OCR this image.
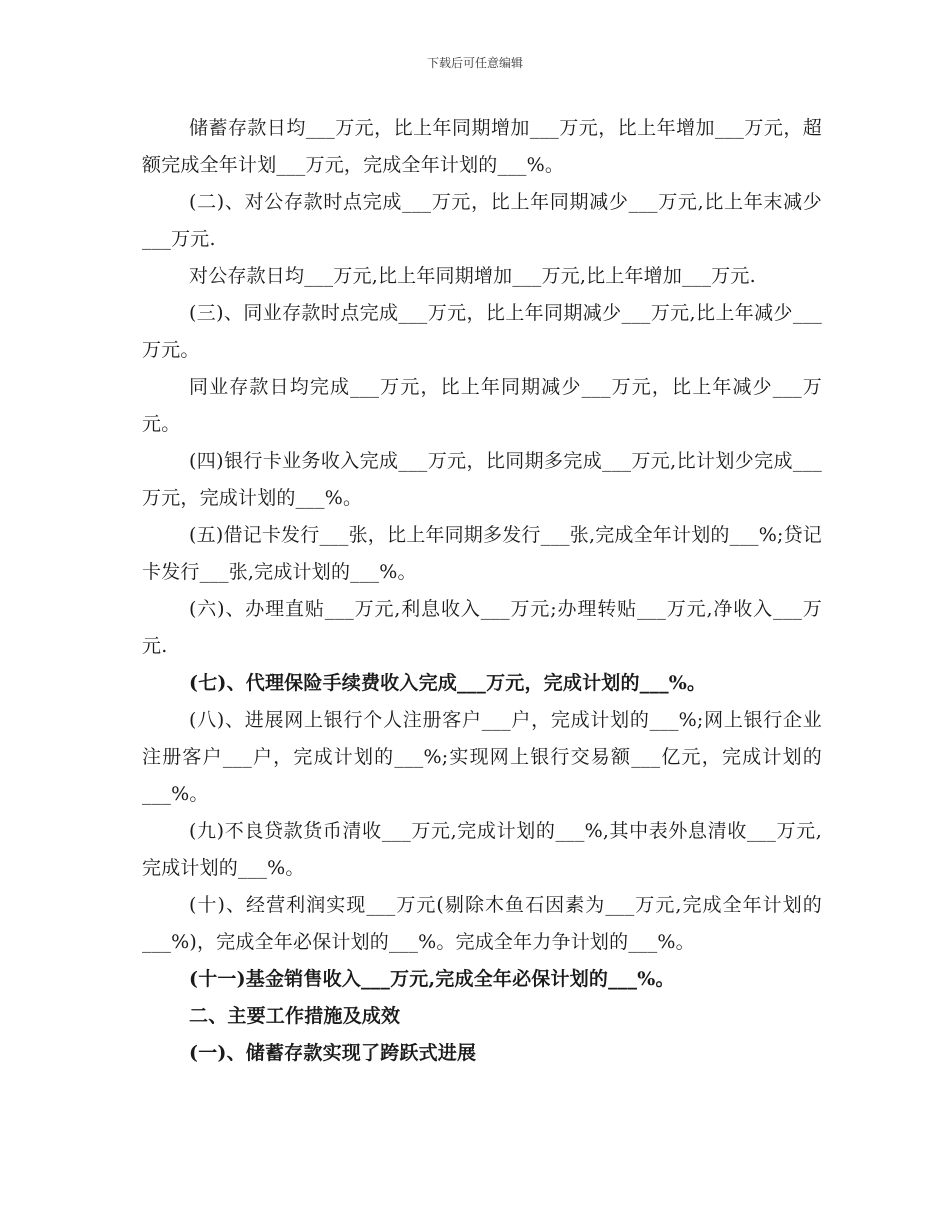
下载后可任意编辑

储蓄存款日均___万元，比上年同期增加___万元，比上年增加___万元，超额完成全年计划___万元，完成全年计划的___%。

(二)、对公存款时点完成___万元，比上年同期减少___万元,比上年末减少___万元.

对公存款日均___万元,比上年同期增加___万元,比上年增加___万元.

(三)、同业存款时点完成___万元，比上年同期减少___万元,比上年减少___万元。

同业存款日均完成___万元，比上年同期减少___万元，比上年减少___万元。

(四)银行卡业务收入完成___万元，比同期多完成___万元,比计划少完成___万元，完成计划的___%。

(五)借记卡发行___张，比上年同期多发行___张,完成全年计划的___%;贷记卡发行___张,完成计划的___%。

(六)、办理直贴___万元,利息收入___万元;办理转贴___万元,净收入___万元.

(七)、代理保险手续费收入完成___万元，完成计划的___%。

(八)、进展网上银行个人注册客户___户，完成计划的___%;网上银行企业注册客户___户，完成计划的___%;实现网上银行交易额___亿元，完成计划的___%。

(九)不良贷款货币清收___万元,完成计划的___%,其中表外息清收___万元,完成计划的___%。

(十)、经营利润实现___万元(剔除木鱼石因素为___万元,完成全年计划的___%)，完成全年必保计划的___%。完成全年力争计划的___%。

(十一)基金销售收入___万元,完成全年必保计划的___%。

二、主要工作措施及成效

(一)、储蓄存款实现了跨跃式进展
